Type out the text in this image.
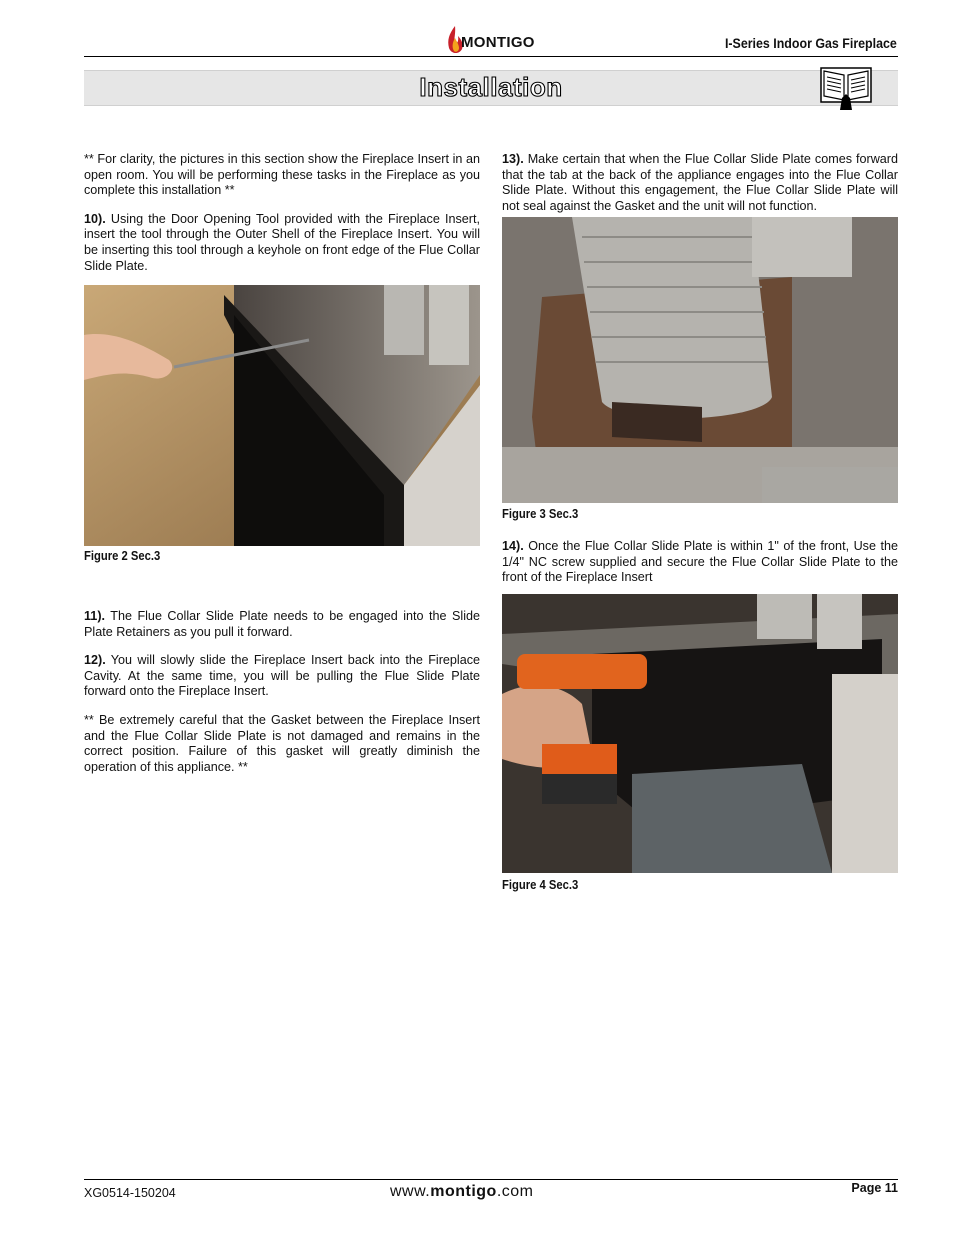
MONTIGO	I-Series Indoor Gas Fireplace
Installation

** For clarity, the pictures in this section show the Fireplace Insert in an open room. You will be performing these tasks in the Fireplace as you complete this installation **

10). Using the Door Opening Tool provided with the Fireplace Insert, insert the tool through the Outer Shell of the Fireplace Insert. You will be inserting this tool through a keyhole on front edge of the Flue Collar Slide Plate.

Figure 2 Sec.3

11). The Flue Collar Slide Plate needs to be engaged into the Slide Plate Retainers as you pull it forward.

12). You will slowly slide the Fireplace Insert back into the Fireplace Cavity. At the same time, you will be pulling the Flue Slide Plate forward onto the Fireplace Insert.

** Be extremely careful that the Gasket between the Fireplace Insert and the Flue Collar Slide Plate is not damaged and remains in the correct position. Failure of this gasket will greatly diminish the operation of this appliance. **

13). Make certain that when the Flue Collar Slide Plate comes forward that the tab at the back of the appliance engages into the Flue Collar Slide Plate. Without this engagement, the Flue Collar Slide Plate will not seal against the Gasket and the unit will not function.

Figure 3 Sec.3

14). Once the Flue Collar Slide Plate is within 1" of the front, Use the 1/4" NC screw supplied and secure the Flue Collar Slide Plate to the front of the Fireplace Insert

Figure 4 Sec.3
XG0514-150204	www.montigo.com	Page 11
